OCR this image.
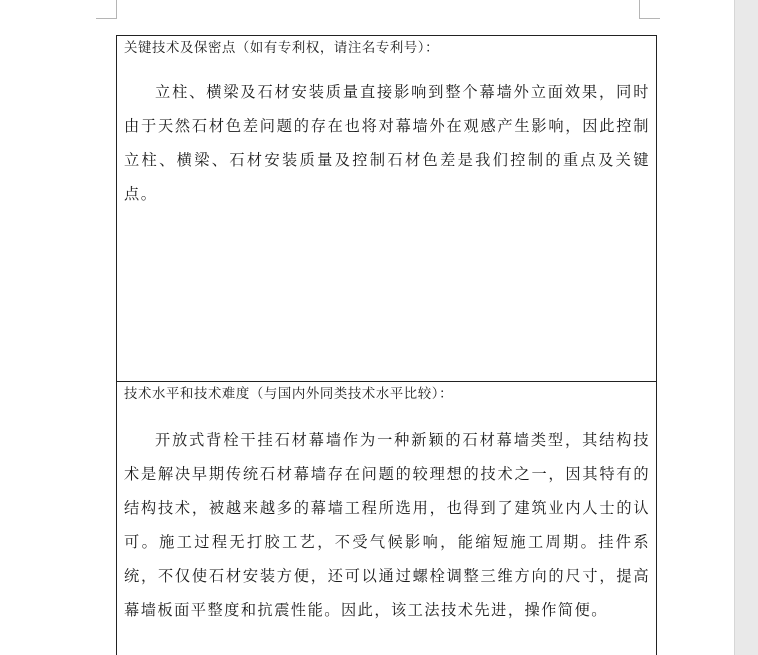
关键技术及保密点（如有专利权，请注名专利号）：

立柱、横梁及石材安装质量直接影响到整个幕墙外立面效果，同时由于天然石材色差问题的存在也将对幕墙外在观感产生影响，因此控制立柱、横梁、石材安装质量及控制石材色差是我们控制的重点及关键点。

技术水平和技术难度（与国内外同类技术水平比较）：

开放式背栓干挂石材幕墙作为一种新颖的石材幕墙类型，其结构技术是解决早期传统石材幕墙存在问题的较理想的技术之一，因其特有的结构技术，被越来越多的幕墙工程所选用，也得到了建筑业内人士的认可。施工过程无打胶工艺，不受气候影响，能缩短施工周期。挂件系统，不仅使石材安装方便，还可以通过螺栓调整三维方向的尺寸，提高幕墙板面平整度和抗震性能。因此，该工法技术先进，操作简便。
